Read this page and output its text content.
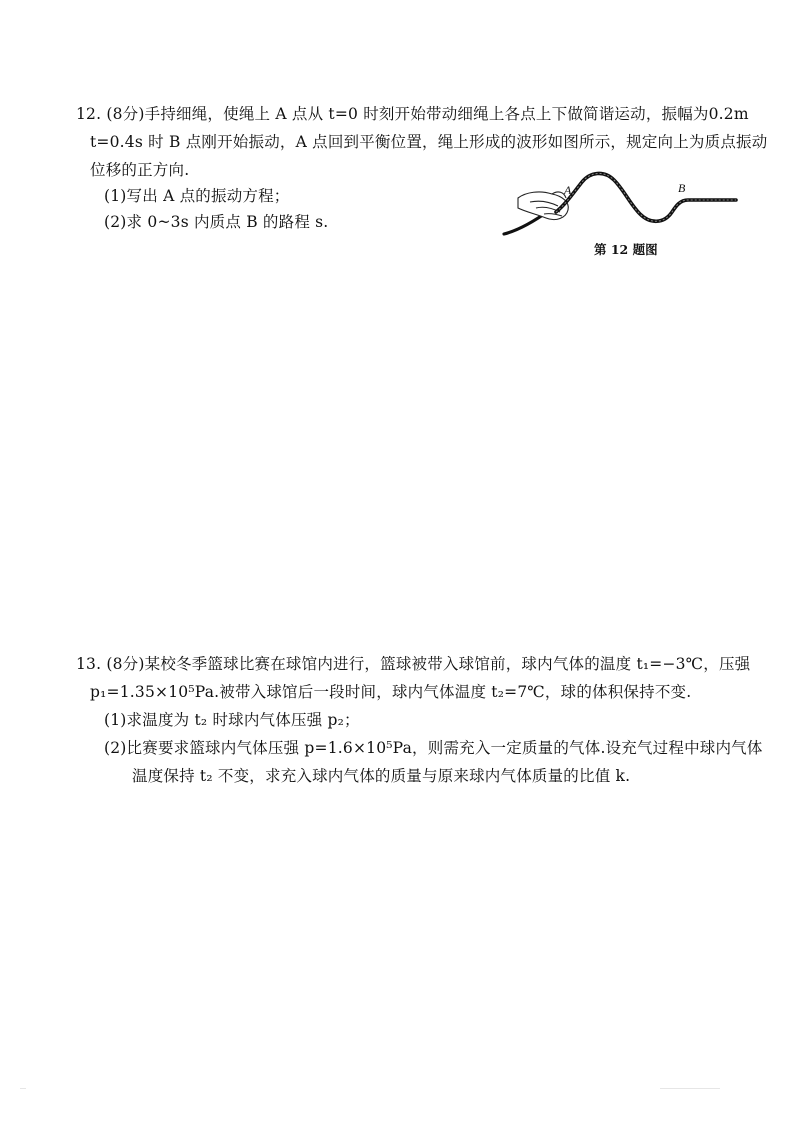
12. (8分)手持细绳，使绳上 A 点从 t=0 时刻开始带动细绳上各点上下做简谐运动，振幅为0.2m
t=0.4s 时 B 点刚开始振动，A 点回到平衡位置，绳上形成的波形如图所示，规定向上为质点振动
位移的正方向.
(1)写出 A 点的振动方程；
(2)求 0~3s 内质点 B 的路程 s.
A	B
第 12 题图
13. (8分)某校冬季篮球比赛在球馆内进行，篮球被带入球馆前，球内气体的温度 t₁=−3℃，压强
p₁=1.35×10⁵Pa.被带入球馆后一段时间，球内气体温度 t₂=7℃，球的体积保持不变.
(1)求温度为 t₂ 时球内气体压强 p₂；
(2)比赛要求篮球内气体压强 p=1.6×10⁵Pa，则需充入一定质量的气体.设充气过程中球内气体
温度保持 t₂ 不变，求充入球内气体的质量与原来球内气体质量的比值 k.
